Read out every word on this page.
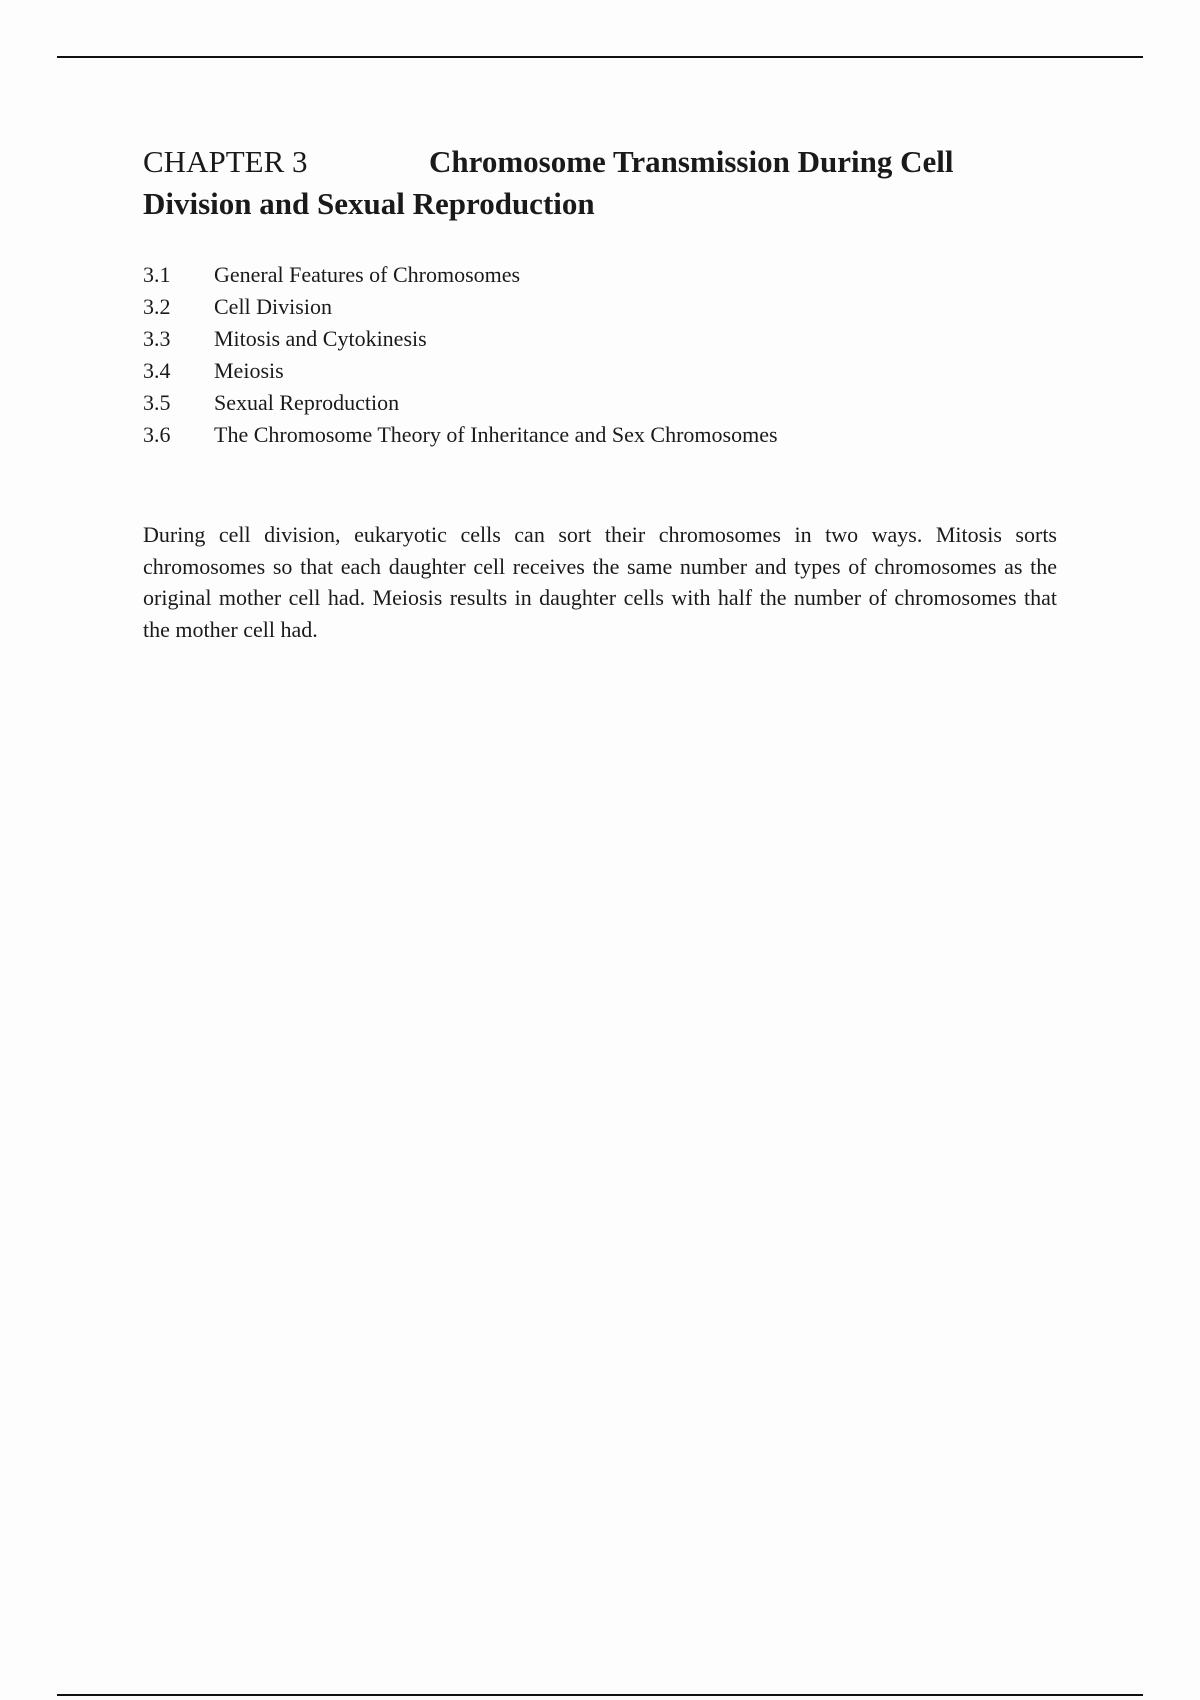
CHAPTER 3	Chromosome Transmission During Cell Division and Sexual Reproduction
3.1	General Features of Chromosomes
3.2	Cell Division
3.3	Mitosis and Cytokinesis
3.4	Meiosis
3.5	Sexual Reproduction
3.6	The Chromosome Theory of Inheritance and Sex Chromosomes

During cell division, eukaryotic cells can sort their chromosomes in two ways. Mitosis sorts chromosomes so that each daughter cell receives the same number and types of chromosomes as the original mother cell had. Meiosis results in daughter cells with half the number of chromosomes that the mother cell had.
